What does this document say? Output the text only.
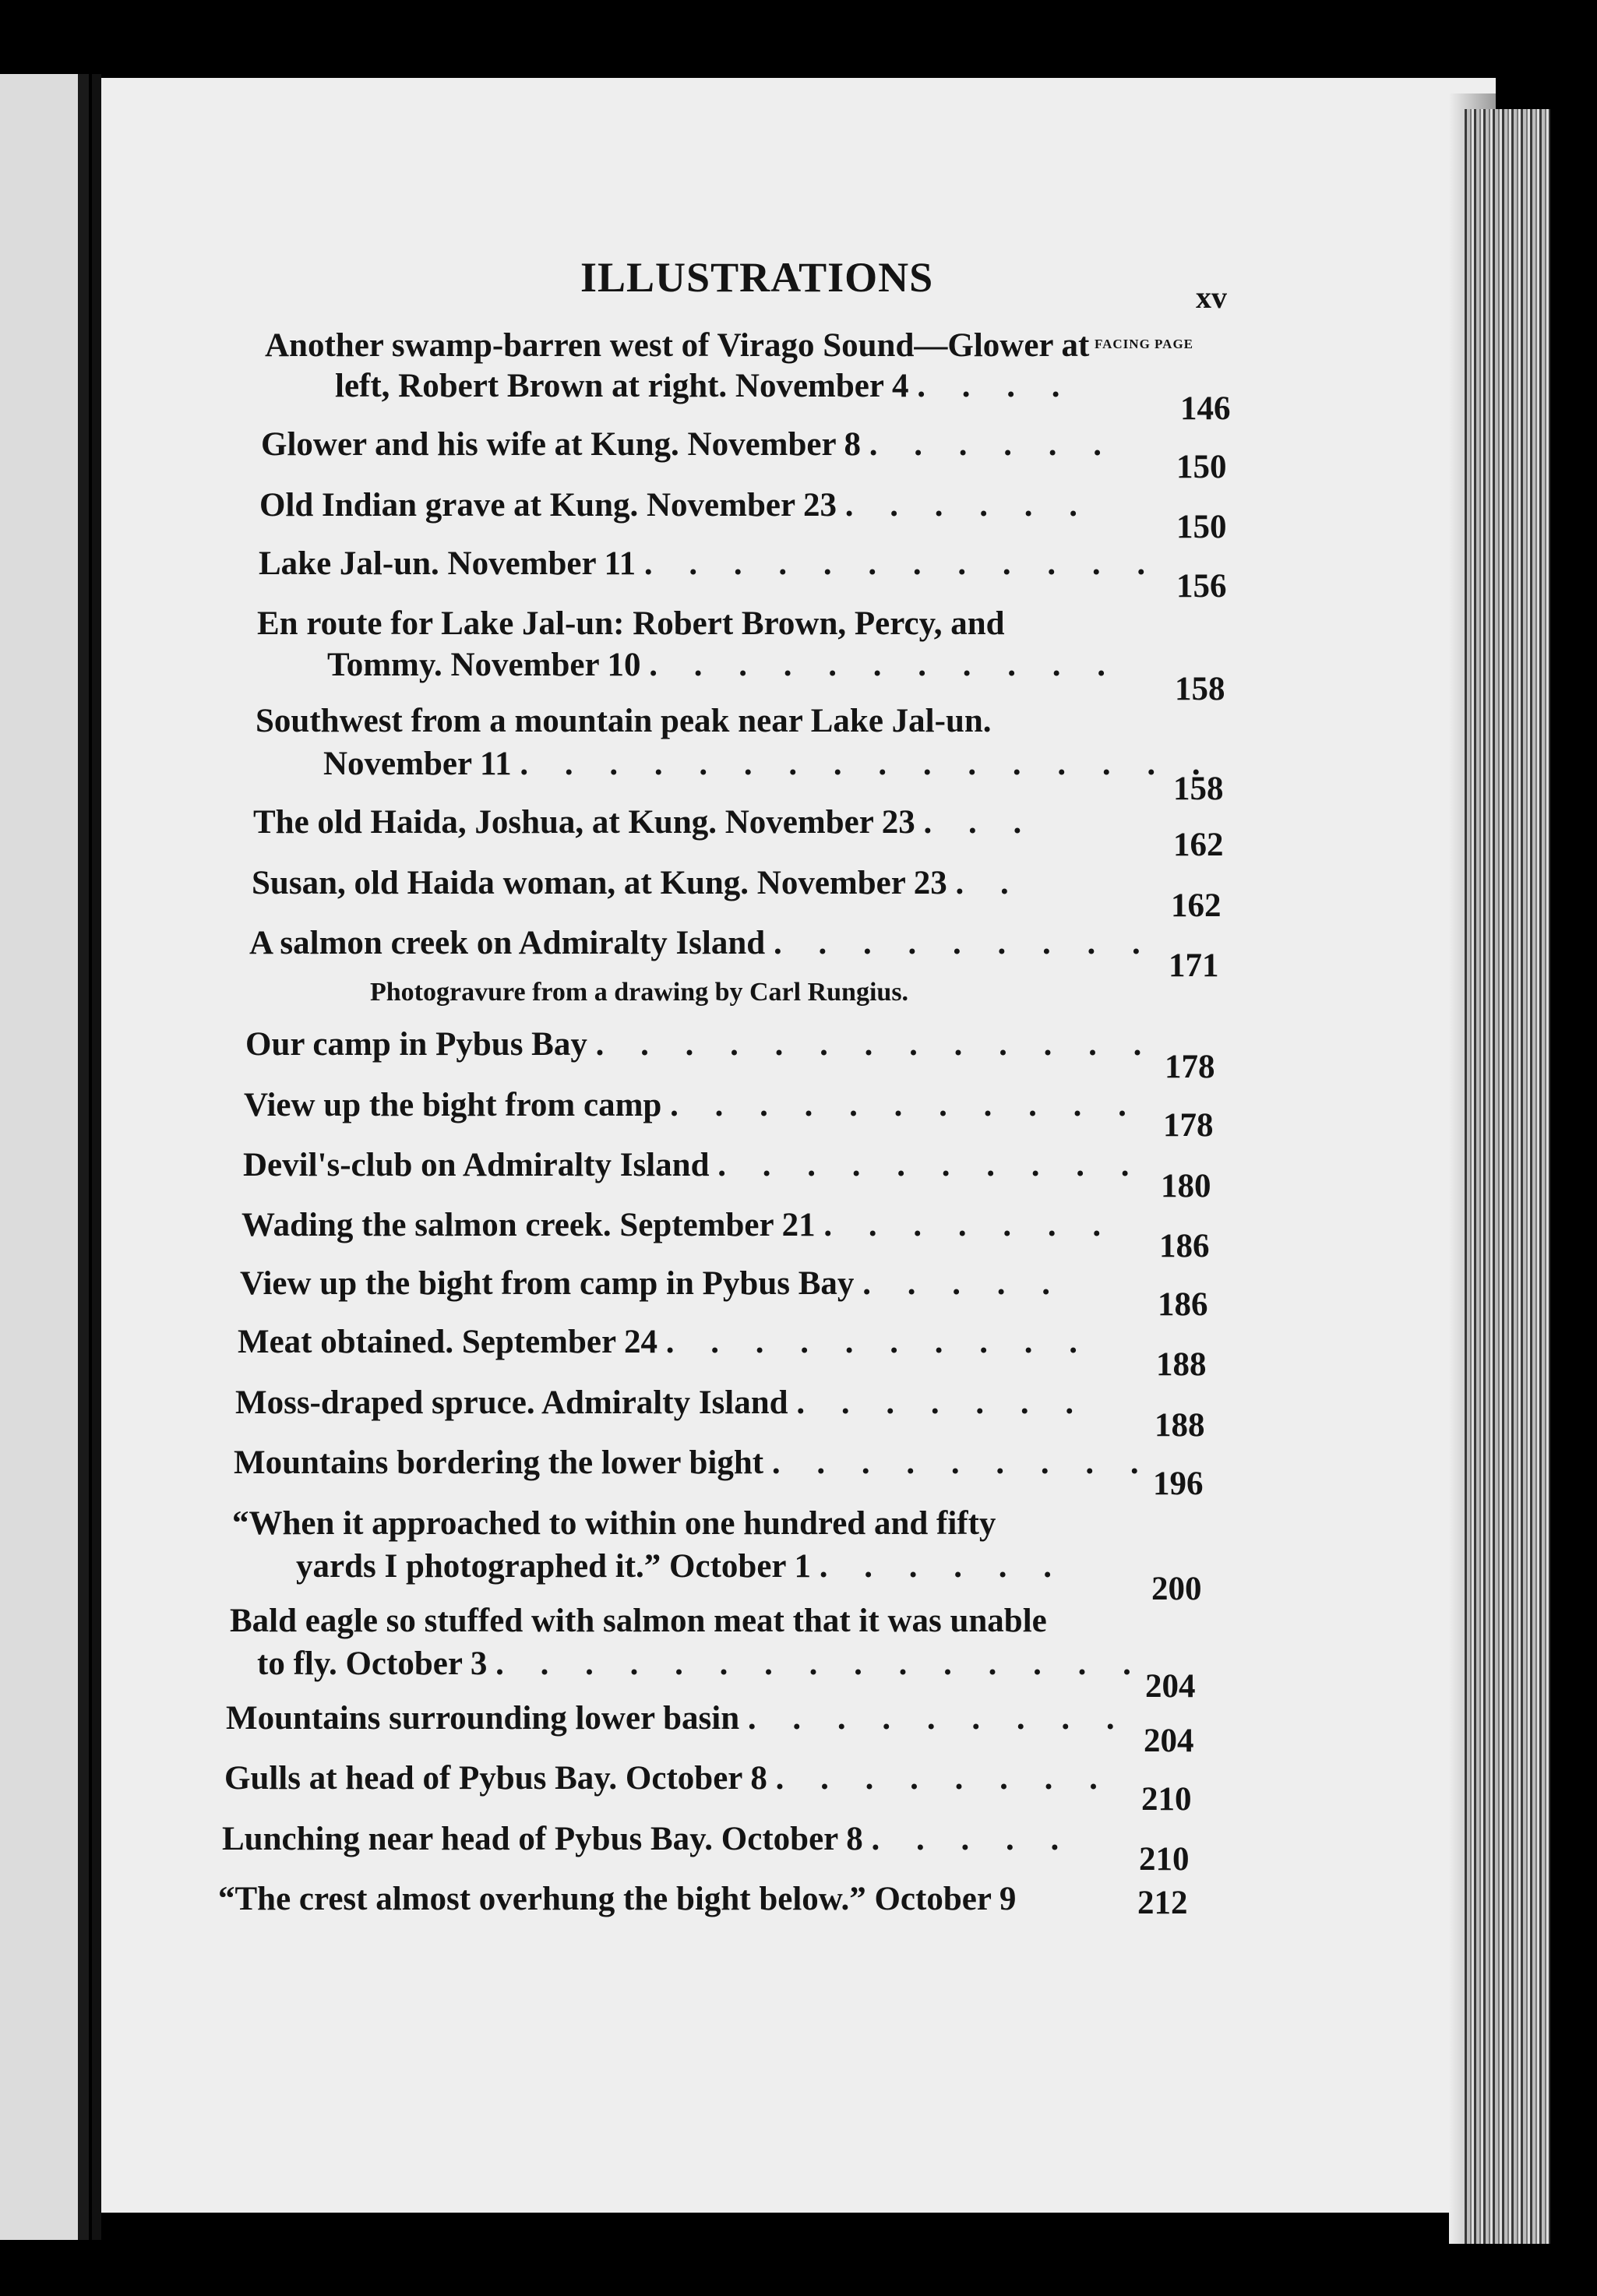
ILLUSTRATIONS	xv
FACING PAGE
left, Robert Brown at right. November 4 . . . .
Another swamp-barren west of Virago Sound—Glower at
146
Glower and his wife at Kung. November 8 . . . . . .
150
Old Indian grave at Kung. November 23 . . . . . .
150
Lake Jal-un. November 11 . . . . . . . . . . . .
156
Tommy. November 10 . . . . . . . . . . .
En route for Lake Jal-un: Robert Brown, Percy, and
158
November 11 . . . . . . . . . . . . . . . .
Southwest from a mountain peak near Lake Jal-un.
158
The old Haida, Joshua, at Kung. November 23 . . .
162
Susan, old Haida woman, at Kung. November 23 . .
162
A salmon creek on Admiralty Island . . . . . . . . .
171
Photogravure from a drawing by Carl Rungius.
Our camp in Pybus Bay . . . . . . . . . . . . .
178
View up the bight from camp . . . . . . . . . . .
178
Devil's-club on Admiralty Island . . . . . . . . . .
180
Wading the salmon creek. September 21 . . . . . . .
186
View up the bight from camp in Pybus Bay . . . . .
186
Meat obtained. September 24 . . . . . . . . . .
188
Moss-draped spruce. Admiralty Island . . . . . . .
188
Mountains bordering the lower bight . . . . . . . . .
196
yards I photographed it.” October 1 . . . . . .
“When it approached to within one hundred and fifty
200
to fly. October 3 . . . . . . . . . . . . . . .
Bald eagle so stuffed with salmon meat that it was unable
204
Mountains surrounding lower basin . . . . . . . . .
204
Gulls at head of Pybus Bay. October 8 . . . . . . . .
210
Lunching near head of Pybus Bay. October 8 . . . . .
210
“The crest almost overhung the bight below.” October 9	212
